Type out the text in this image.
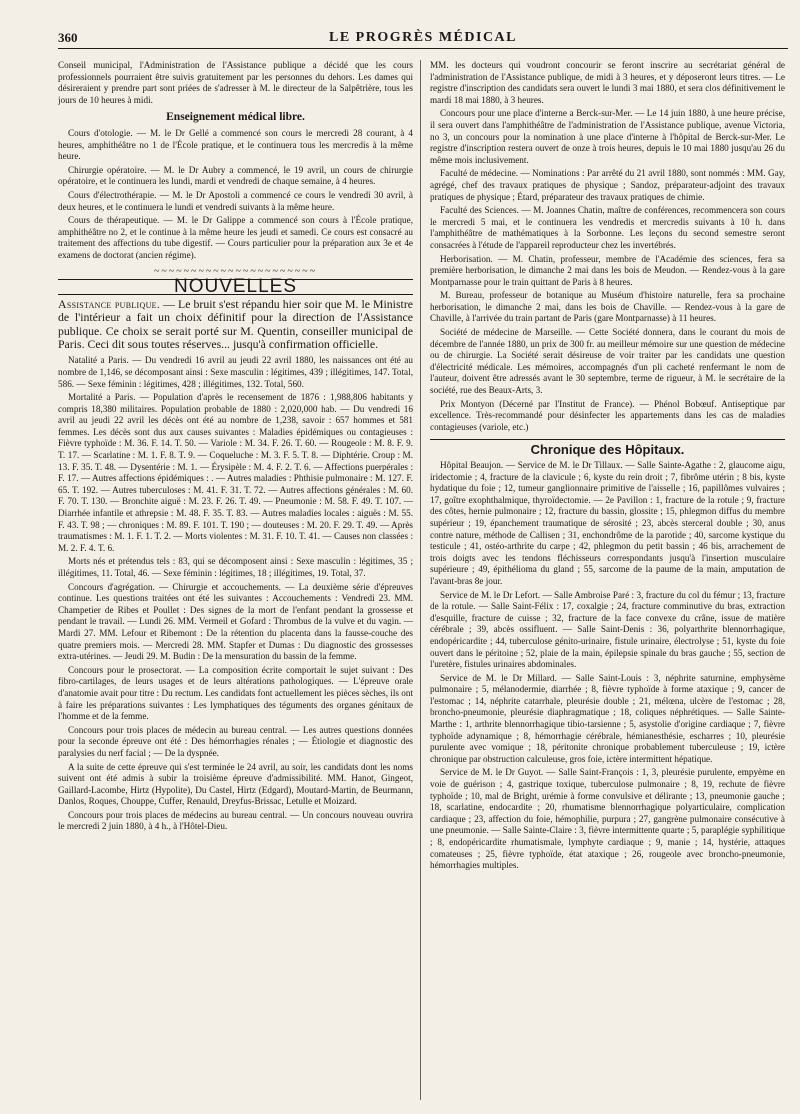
360	LE PROGRÈS MÉDICAL

Conseil municipal, l'Administration de l'Assistance publique a décidé que les cours professionnels pourraient être suivis gratuitement par les personnes du dehors. Les dames qui désireraient y prendre part sont priées de s'adresser à M. le directeur de la Salpêtrière, tous les jours de 10 heures à midi.

Enseignement médical libre.

Cours d'otologie. — M. le Dr Gellé a commencé son cours le mercredi 28 courant, à 4 heures, amphithéâtre no 1 de l'École pratique, et le continuera tous les mercredis à la même heure.

Chirurgie opératoire. — M. le Dr Aubry a commencé, le 19 avril, un cours de chirurgie opératoire, et le continuera les lundi, mardi et vendredi de chaque semaine, à 4 heures.

Cours d'électrothérapie. — M. le Dr Apostoli a commencé ce cours le vendredi 30 avril, à deux heures, et le continuera le lundi et vendredi suivants à la même heure.

Cours de thérapeutique. — M. le Dr Galippe a commencé son cours à l'École pratique, amphithéâtre no 2, et le continue à la même heure les jeudi et samedi. Ce cours est consacré au traitement des affections du tube digestif. — Cours particulier pour la préparation aux 3e et 4e examens de doctorat (ancien régime).

~~~~~~~~~~~~~~~~~~~~~~
NOUVELLES

Assistance publique. — Le bruit s'est répandu hier soir que M. le Ministre de l'intérieur a fait un choix définitif pour la direction de l'Assistance publique. Ce choix se serait porté sur M. Quentin, conseiller municipal de Paris. Ceci dit sous toutes réserves... jusqu'à confirmation officielle.

Natalité a Paris. — Du vendredi 16 avril au jeudi 22 avril 1880, les naissances ont été au nombre de 1,146, se décomposant ainsi : Sexe masculin : légitimes, 439 ; illégitimes, 147. Total, 586. — Sexe féminin : légitimes, 428 ; illégitimes, 132. Total, 560.

Mortalité a Paris. — Population d'après le recensement de 1876 : 1,988,806 habitants y compris 18,380 militaires. Population probable de 1880 : 2,020,000 hab. — Du vendredi 16 avril au jeudi 22 avril les décès ont été au nombre de 1,238, savoir : 657 hommes et 581 femmes. Les décès sont dus aux causes suivantes : Maladies épidémiques ou contagieuses : Fièvre typhoïde : M. 36. F. 14. T. 50. — Variole : M. 34. F. 26. T. 60. — Rougeole : M. 8. F. 9. T. 17. — Scarlatine : M. 1. F. 8. T. 9. — Coqueluche : M. 3. F. 5. T. 8. — Diphtérie. Croup : M. 13. F. 35. T. 48. — Dysentérie : M. 1. — Érysipèle : M. 4. F. 2. T. 6. — Affections puerpérales : F. 17. — Autres affections épidémiques : . — Autres maladies : Phthisie pulmonaire : M. 127. F. 65. T. 192. — Autres tuberculoses : M. 41. F. 31. T. 72. — Autres affections générales : M. 60. F. 70. T. 130. — Bronchite aiguë : M. 23. F. 26. T. 49. — Pneumonie : M. 58. F. 49. T. 107. — Diarrhée infantile et athrepsie : M. 48. F. 35. T. 83. — Autres maladies locales : aiguës : M. 55. F. 43. T. 98 ; — chroniques : M. 89. F. 101. T. 190 ; — douteuses : M. 20. F. 29. T. 49. — Après traumatismes : M. 1. F. 1. T. 2. — Morts violentes : M. 31. F. 10. T. 41. — Causes non classées : M. 2. F. 4. T. 6.

Morts nés et prétendus tels : 83, qui se décomposent ainsi : Sexe masculin : légitimes, 35 ; illégitimes, 11. Total, 46. — Sexe féminin : légitimes, 18 ; illégitimes, 19. Total, 37.

Concours d'agrégation. — Chirurgie et accouchements. — La deuxième série d'épreuves continue. Les questions traitées ont été les suivantes : Accouchements : Vendredi 23. MM. Champetier de Ribes et Poullet : Des signes de la mort de l'enfant pendant la grossesse et pendant le travail. — Lundi 26. MM. Vermeil et Gofard : Thrombus de la vulve et du vagin. — Mardi 27. MM. Lefour et Ribemont : De la rétention du placenta dans la fausse-couche des quatre premiers mois. — Mercredi 28. MM. Stapfer et Dumas : Du diagnostic des grossesses extra-utérines. — Jeudi 29. M. Budin : De la mensuration du bassin de la femme.

Concours pour le prosectorat. — La composition écrite comportait le sujet suivant : Des fibro-cartilages, de leurs usages et de leurs altérations pathologiques. — L'épreuve orale d'anatomie avait pour titre : Du rectum. Les candidats font actuellement les pièces sèches, ils ont à faire les préparations suivantes : Les lymphatiques des téguments des organes génitaux de l'homme et de la femme.

Concours pour trois places de médecin au bureau central. — Les autres questions données pour la seconde épreuve ont été : Des hémorrhagies rénales ; — Étiologie et diagnostic des paralysies du nerf facial ; — De la dyspnée.

A la suite de cette épreuve qui s'est terminée le 24 avril, au soir, les candidats dont les noms suivent ont été admis à subir la troisième épreuve d'admissibilité. MM. Hanot, Gingeot, Gaillard-Lacombe, Hirtz (Hypolite), Du Castel, Hirtz (Edgard), Moutard-Martin, de Beurmann, Danlos, Roques, Chouppe, Cuffer, Renauld, Dreyfus-Brissac, Letulle et Moizard.

Concours pour trois places de médecins au bureau central. — Un concours nouveau ouvrira le mercredi 2 juin 1880, à 4 h., à l'Hôtel-Dieu.

MM. les docteurs qui voudront concourir se feront inscrire au secrétariat général de l'administration de l'Assistance publique, de midi à 3 heures, et y déposeront leurs titres. — Le registre d'inscription des candidats sera ouvert le lundi 3 mai 1880, et sera clos définitivement le mardi 18 mai 1880, à 3 heures.

Concours pour une place d'interne a Berck-sur-Mer. — Le 14 juin 1880, à une heure précise, il sera ouvert dans l'amphithéâtre de l'administration de l'Assistance publique, avenue Victoria, no 3, un concours pour la nomination à une place d'interne à l'hôpital de Berck-sur-Mer. Le registre d'inscription restera ouvert de onze à trois heures, depuis le 10 mai 1880 jusqu'au 26 du même mois inclusivement.

Faculté de médecine. — Nominations : Par arrêté du 21 avril 1880, sont nommés : MM. Gay, agrégé, chef des travaux pratiques de physique ; Sandoz, préparateur-adjoint des travaux pratiques de physique ; Étard, préparateur des travaux pratiques de chimie.

Faculté des Sciences. — M. Joannes Chatin, maître de conférences, recommencera son cours le mercredi 5 mai, et le continuera les vendredis et mercredis suivants à 10 h. dans l'amphithéâtre de mathématiques à la Sorbonne. Les leçons du second semestre seront consacrées à l'étude de l'appareil reproducteur chez les invertébrés.

Herborisation. — M. Chatin, professeur, membre de l'Académie des sciences, fera sa première herborisation, le dimanche 2 mai dans les bois de Meudon. — Rendez-vous à la gare Montparnasse pour le train quittant de Paris à 8 heures.

M. Bureau, professeur de botanique au Muséum d'histoire naturelle, fera sa prochaine herborisation, le dimanche 2 mai, dans les bois de Chaville. — Rendez-vous à la gare de Chaville, à l'arrivée du train partant de Paris (gare Montparnasse) à 11 heures.

Société de médecine de Marseille. — Cette Société donnera, dans le courant du mois de décembre de l'année 1880, un prix de 300 fr. au meilleur mémoire sur une question de médecine ou de chirurgie. La Société serait désireuse de voir traiter par les candidats une question d'électricité médicale. Les mémoires, accompagnés d'un pli cacheté renfermant le nom de l'auteur, doivent être adressés avant le 30 septembre, terme de rigueur, à M. le secrétaire de la société, rue des Beaux-Arts, 3.

Prix Montyon (Décerné par l'Institut de France). — Phénol Bobœuf. Antiseptique par excellence. Très-recommandé pour désinfecter les appartements dans les cas de maladies contagieuses (variole, etc.)

Chronique des Hôpitaux.

Hôpital Beaujon. — Service de M. le Dr Tillaux. — Salle Sainte-Agathe : 2, glaucome aigu, iridectomie ; 4, fracture de la clavicule ; 6, kyste du rein droit ; 7, fibrôme utérin ; 8 bis, kyste hydatique du foie ; 12, tumeur ganglionnaire primitive de l'aisselle ; 16, papillômes vulvaires ; 17, goître exophthalmique, thyroïdectomie. — 2e Pavillon : 1, fracture de la rotule ; 9, fracture des côtes, hernie pulmonaire ; 12, fracture du bassin, glossite ; 15, phlegmon diffus du membre supérieur ; 19, épanchement traumatique de sérosité ; 23, abcès sterceral double ; 30, anus contre nature, méthode de Callisen ; 31, enchondrôme de la parotide ; 40, sarcome kystique du testicule ; 41, ostéo-arthrite du carpe ; 42, phlegmon du petit bassin ; 46 bis, arrachement de trois doigts avec les tendons fléchisseurs correspondants jusqu'à l'insertion musculaire supérieure ; 49, épithélioma du gland ; 55, sarcome de la paume de la main, amputation de l'avant-bras 8e jour.

Service de M. le Dr Lefort. — Salle Ambroise Paré : 3, fracture du col du fémur ; 13, fracture de la rotule. — Salle Saint-Félix : 17, coxalgie ; 24, fracture comminutive du bras, extraction d'esquille, fracture de cuisse ; 32, fracture de la face convexe du crâne, issue de matière cérébrale ; 39, abcès ossifluent. — Salle Saint-Denis : 36, polyarthrite blennorrhagique, endopéricardite ; 44, tuberculose génito-urinaire, fistule urinaire, électrolyse ; 51, kyste du foie ouvert dans le péritoine ; 52, plaie de la main, épilepsie spinale du bras gauche ; 55, section de l'uretère, fistules urinaires abdominales.

Service de M. le Dr Millard. — Salle Saint-Louis : 3, néphrite saturnine, emphysème pulmonaire ; 5, mélanodermie, diarrhée ; 8, fièvre typhoïde à forme ataxique ; 9, cancer de l'estomac ; 14, néphrite catarrhale, pleurésie double ; 21, mélœna, ulcère de l'estomac ; 28, broncho-pneumonie, pleurésie diaphragmatique ; 18, coliques néphrétiques. — Salle Sainte-Marthe : 1, arthrite blennorrhagique tibio-tarsienne ; 5, asystolie d'origine cardiaque ; 7, fièvre typhoïde adynamique ; 8, hémorrhagie cérébrale, hémianesthésie, escharres ; 10, pleurésie purulente avec vomique ; 18, péritonite chronique probablement tuberculeuse ; 19, ictère chronique par obstruction calculeuse, gros foie, ictère intermittent hépatique.

Service de M. le Dr Guyot. — Salle Saint-François : 1, 3, pleurésie purulente, empyème en voie de guérison ; 4, gastrique toxique, tuberculose pulmonaire ; 8, 19, rechute de fièvre typhoïde ; 10, mal de Bright, urémie à forme convulsive et délirante ; 13, pneumonie gauche ; 18, scarlatine, endocardite ; 20, rhumatisme blennorrhagique polyarticulaire, complication cardiaque ; 23, affection du foie, hémophilie, purpura ; 27, gangrène pulmonaire consécutive à une pneumonie. — Salle Sainte-Claire : 3, fièvre intermittente quarte ; 5, paraplégie syphilitique ; 8, endopéricardite rhumatismale, lymphyte cardiaque ; 9, manie ; 14, hystérie, attaques comateuses ; 25, fièvre typhoïde, état ataxique ; 26, rougeole avec broncho-pneumonie, hémorrhagies multiples.
